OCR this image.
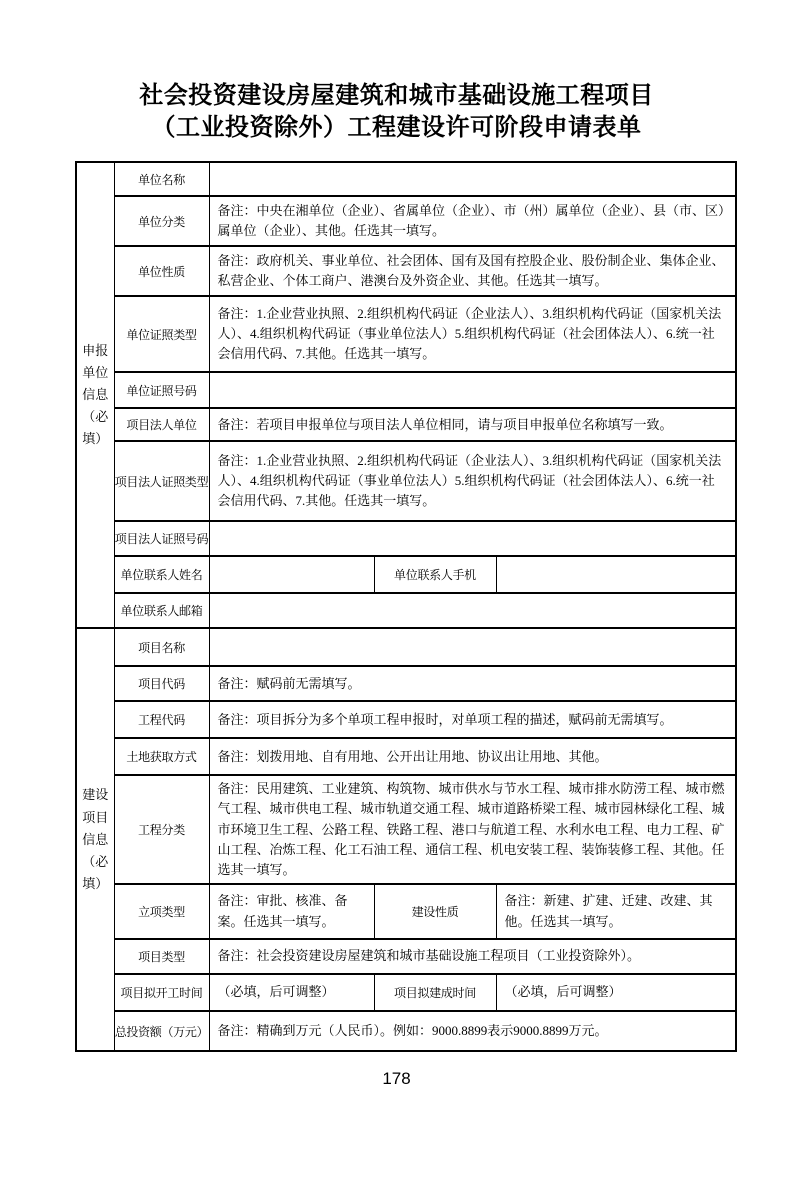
社会投资建设房屋建筑和城市基础设施工程项目
（工业投资除外）工程建设许可阶段申请表单
申报单位信息（必填）	单位名称			
	单位分类	备注：中央在湘单位（企业）、省属单位（企业）、市（州）属单位（企业）、县（市、区）属单位（企业）、其他。任选其一填写。		
	单位性质	备注：政府机关、事业单位、社会团体、国有及国有控股企业、股份制企业、集体企业、私营企业、个体工商户、港澳台及外资企业、其他。任选其一填写。		
	单位证照类型	备注：1.企业营业执照、2.组织机构代码证（企业法人）、3.组织机构代码证（国家机关法人）、4.组织机构代码证（事业单位法人）5.组织机构代码证（社会团体法人）、6.统一社会信用代码、7.其他。任选其一填写。		
	单位证照号码			
	项目法人单位	备注：若项目申报单位与项目法人单位相同，请与项目申报单位名称填写一致。		
	项目法人证照类型	备注：1.企业营业执照、2.组织机构代码证（企业法人）、3.组织机构代码证（国家机关法人）、4.组织机构代码证（事业单位法人）5.组织机构代码证（社会团体法人）、6.统一社会信用代码、7.其他。任选其一填写。		
	项目法人证照号码			
	单位联系人姓名		单位联系人手机	
	单位联系人邮箱			
建设项目信息（必填）	项目名称			
	项目代码	备注：赋码前无需填写。		
	工程代码	备注：项目拆分为多个单项工程申报时，对单项工程的描述，赋码前无需填写。		
	土地获取方式	备注：划拨用地、自有用地、公开出让用地、协议出让用地、其他。		
	工程分类	备注：民用建筑、工业建筑、构筑物、城市供水与节水工程、城市排水防涝工程、城市燃气工程、城市供电工程、城市轨道交通工程、城市道路桥梁工程、城市园林绿化工程、城市环境卫生工程、公路工程、铁路工程、港口与航道工程、水利水电工程、电力工程、矿山工程、冶炼工程、化工石油工程、通信工程、机电安装工程、装饰装修工程、其他。任选其一填写。		
	立项类型	备注：审批、核准、备案。任选其一填写。	建设性质	备注：新建、扩建、迁建、改建、其他。任选其一填写。
	项目类型	备注：社会投资建设房屋建筑和城市基础设施工程项目（工业投资除外）。		
	项目拟开工时间	（必填，后可调整）	项目拟建成时间	（必填，后可调整）
	总投资额（万元）	备注：精确到万元（人民币）。例如：9000.8899表示9000.8899万元。		
178
